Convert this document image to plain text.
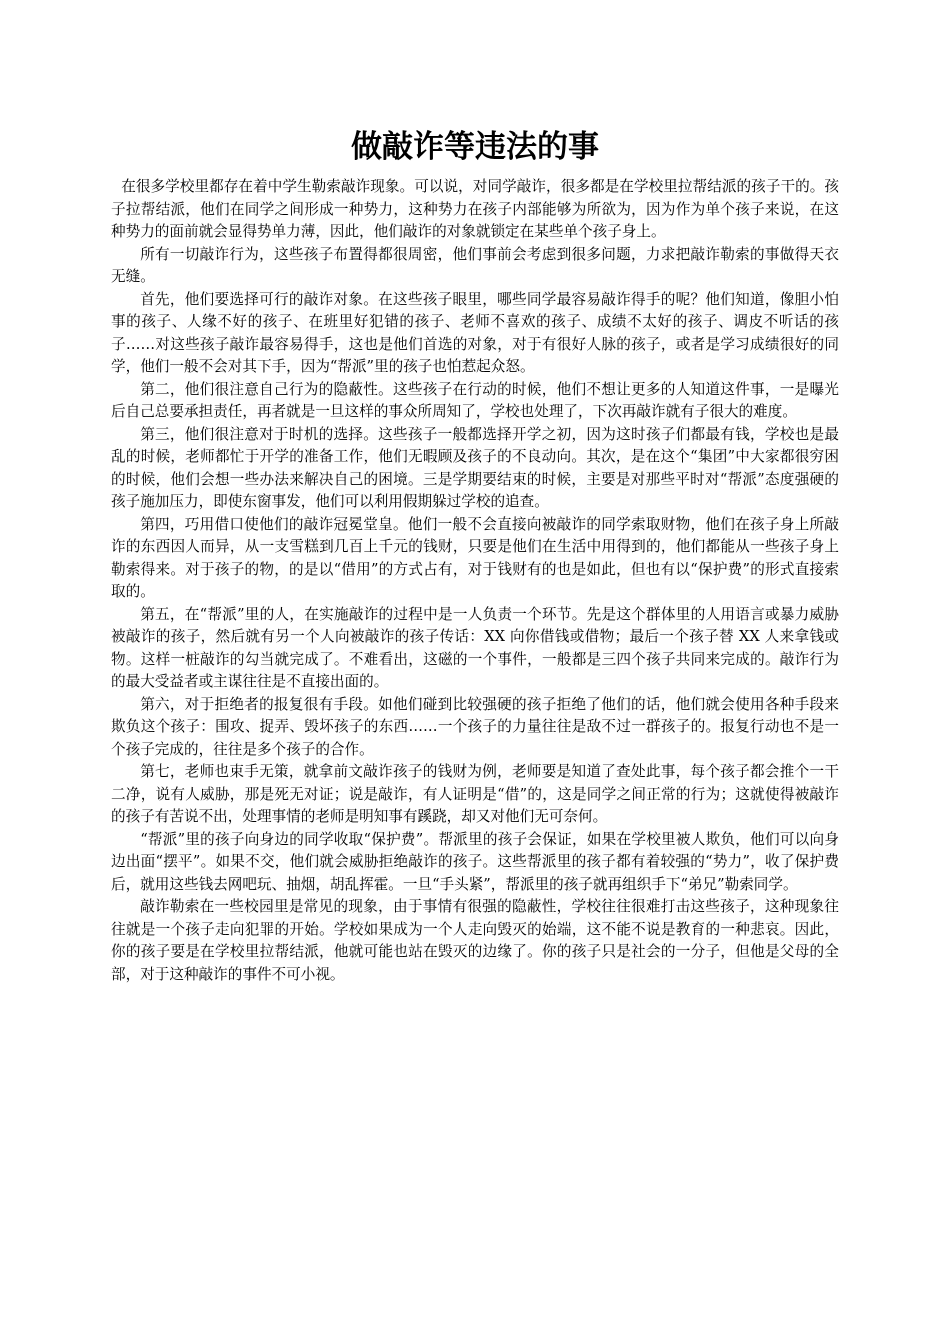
做敲诈等违法的事

在很多学校里都存在着中学生勒索敲诈现象。可以说，对同学敲诈，很多都是在学校里拉帮结派的孩子干的。孩子拉帮结派，他们在同学之间形成一种势力，这种势力在孩子内部能够为所欲为，因为作为单个孩子来说，在这种势力的面前就会显得势单力薄，因此，他们敲诈的对象就锁定在某些单个孩子身上。

所有一切敲诈行为，这些孩子布置得都很周密，他们事前会考虑到很多问题，力求把敲诈勒索的事做得天衣无缝。

首先，他们要选择可行的敲诈对象。在这些孩子眼里，哪些同学最容易敲诈得手的呢？他们知道，像胆小怕事的孩子、人缘不好的孩子、在班里好犯错的孩子、老师不喜欢的孩子、成绩不太好的孩子、调皮不听话的孩子……对这些孩子敲诈最容易得手，这也是他们首选的对象，对于有很好人脉的孩子，或者是学习成绩很好的同学，他们一般不会对其下手，因为“帮派”里的孩子也怕惹起众怒。

第二，他们很注意自己行为的隐蔽性。这些孩子在行动的时候，他们不想让更多的人知道这件事，一是曝光后自己总要承担责任，再者就是一旦这样的事众所周知了，学校也处理了，下次再敲诈就有子很大的难度。

第三，他们很注意对于时机的选择。这些孩子一般都选择开学之初，因为这时孩子们都最有钱，学校也是最乱的时候，老师都忙于开学的准备工作，他们无暇顾及孩子的不良动向。其次，是在这个“集团”中大家都很穷困的时候，他们会想一些办法来解决自己的困境。三是学期要结束的时候，主要是对那些平时对“帮派”态度强硬的孩子施加压力，即使东窗事发，他们可以利用假期躲过学校的追查。

第四，巧用借口使他们的敲诈冠冕堂皇。他们一般不会直接向被敲诈的同学索取财物，他们在孩子身上所敲诈的东西因人而异，从一支雪糕到几百上千元的钱财，只要是他们在生活中用得到的，他们都能从一些孩子身上勒索得来。对于孩子的物，的是以“借用”的方式占有，对于钱财有的也是如此，但也有以“保护费”的形式直接索取的。

第五，在“帮派”里的人，在实施敲诈的过程中是一人负责一个环节。先是这个群体里的人用语言或暴力威胁被敲诈的孩子，然后就有另一个人向被敲诈的孩子传话：XX 向你借钱或借物；最后一个孩子替 XX 人来拿钱或物。这样一桩敲诈的勾当就完成了。不难看出，这磁的一个事件，一般都是三四个孩子共同来完成的。敲诈行为的最大受益者或主谋往往是不直接出面的。

第六，对于拒绝者的报复很有手段。如他们碰到比较强硬的孩子拒绝了他们的话，他们就会使用各种手段来欺负这个孩子：围攻、捉弄、毁坏孩子的东西……一个孩子的力量往往是敌不过一群孩子的。报复行动也不是一个孩子完成的，往往是多个孩子的合作。

第七，老师也束手无策，就拿前文敲诈孩子的钱财为例，老师要是知道了查处此事，每个孩子都会推个一干二净，说有人威胁，那是死无对证；说是敲诈，有人证明是“借”的，这是同学之间正常的行为；这就使得被敲诈的孩子有苦说不出，处理事情的老师是明知事有蹊跷，却又对他们无可奈何。

“帮派”里的孩子向身边的同学收取“保护费”。帮派里的孩子会保证，如果在学校里被人欺负，他们可以向身边出面“摆平”。如果不交，他们就会威胁拒绝敲诈的孩子。这些帮派里的孩子都有着较强的“势力”，收了保护费后，就用这些钱去网吧玩、抽烟，胡乱挥霍。一旦“手头紧”，帮派里的孩子就再组织手下“弟兄”勒索同学。

敲诈勒索在一些校园里是常见的现象，由于事情有很强的隐蔽性，学校往往很难打击这些孩子，这种现象往往就是一个孩子走向犯罪的开始。学校如果成为一个人走向毁灭的始端，这不能不说是教育的一种悲哀。因此，你的孩子要是在学校里拉帮结派，他就可能也站在毁灭的边缘了。你的孩子只是社会的一分子，但他是父母的全部，对于这种敲诈的事件不可小视。
